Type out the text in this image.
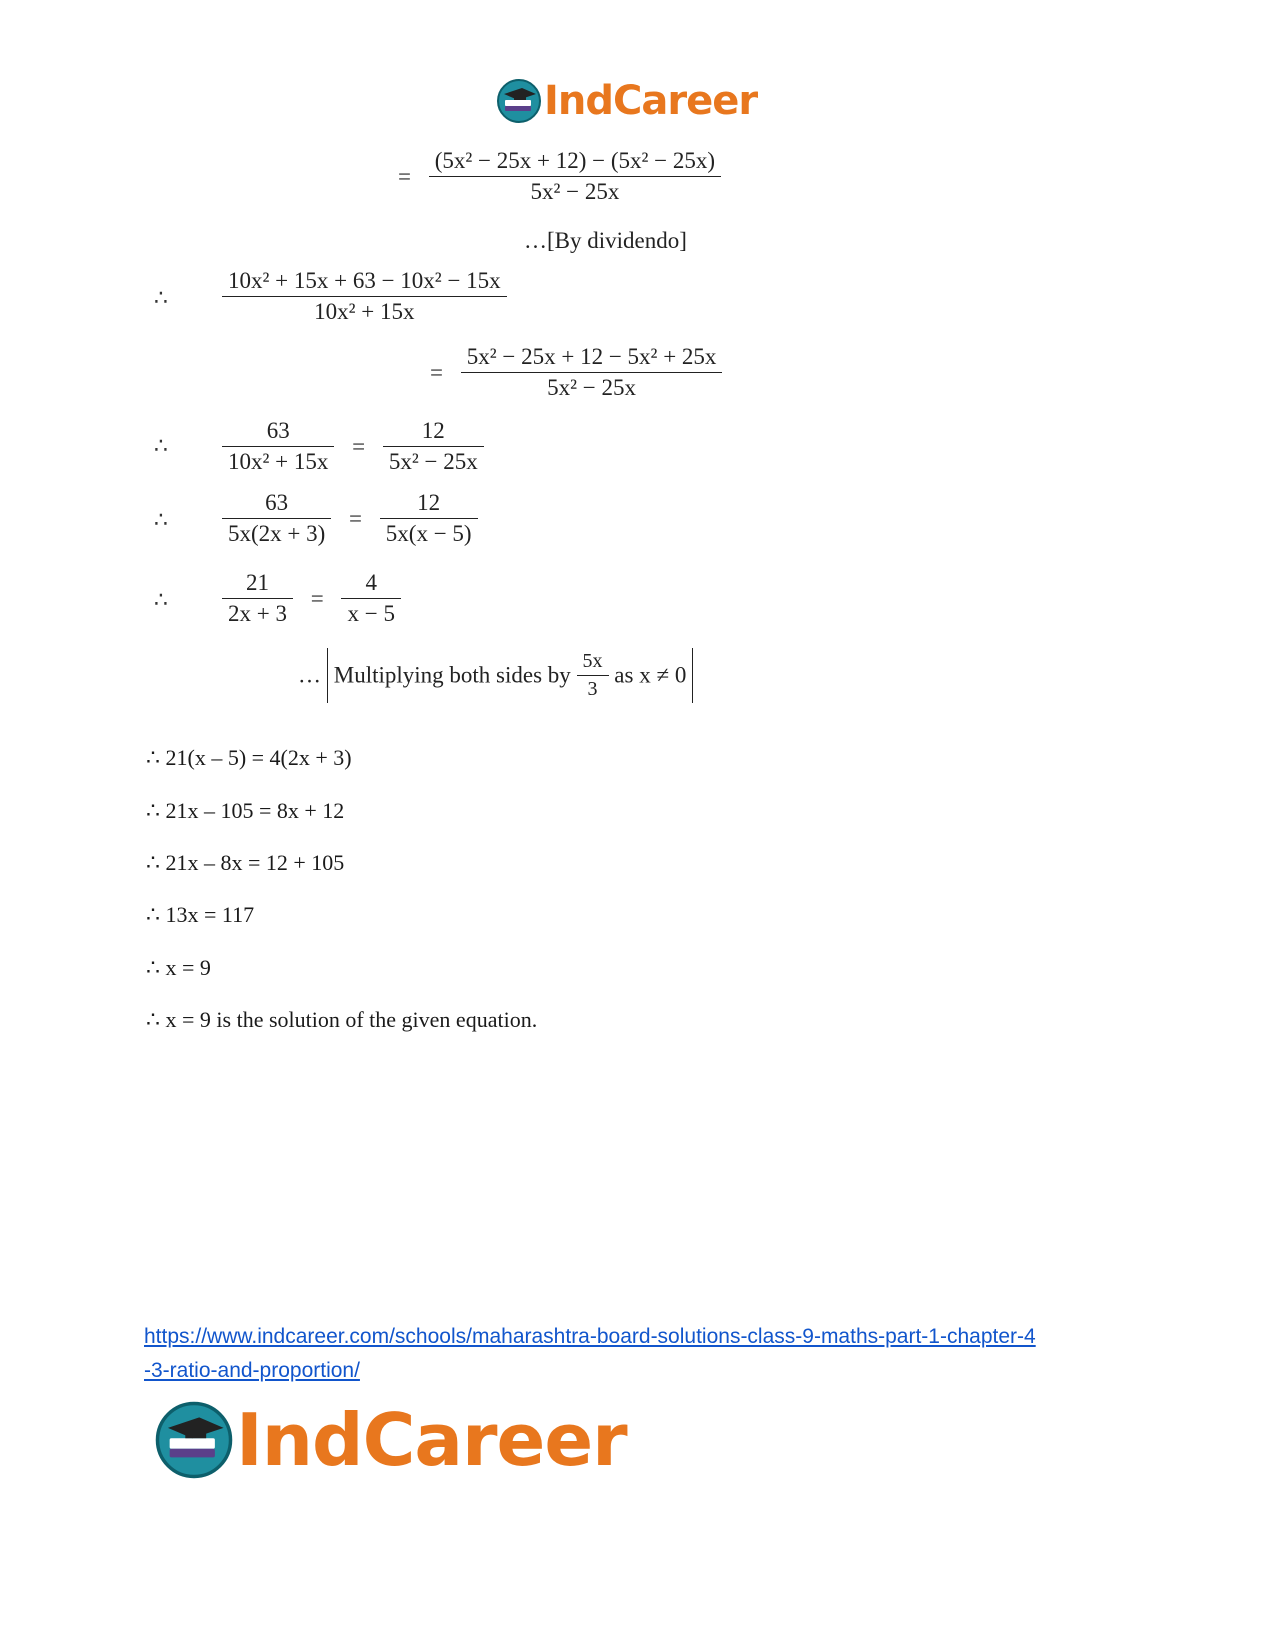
IndCareer
= $\frac{\text{(5x² − 25x + 12) − (5x² − 25x)}}{\text{5x² − 25x}}$
…[By dividendo]
∴ $\frac{\text{10x² + 15x + 63 − 10x² − 15x}}{\text{10x² + 15x}}$
= $\frac{\text{5x² − 25x + 12 − 5x² + 25x}}{\text{5x² − 25x}}$
∴ $\frac{63}{\text{10x² + 15x}} = \frac{12}{\text{5x² − 25x}}$
∴ $\frac{63}{5x(2x + 3)} = \frac{12}{5x(x - 5)}$
∴ $\frac{21}{2x + 3} = \frac{4}{x - 5}$
… Multiplying both sides by $\frac{5x}{3}$ as x ≠ 0
∴ 21(x – 5) = 4(2x + 3)
∴ 21x – 105 = 8x + 12
∴ 21x – 8x = 12 + 105
∴ 13x = 117
∴ x = 9
∴ x = 9 is the solution of the given equation.
https://www.indcareer.com/schools/maharashtra-board-solutions-class-9-maths-part-1-chapter-4
-3-ratio-and-proportion/
IndCareer
